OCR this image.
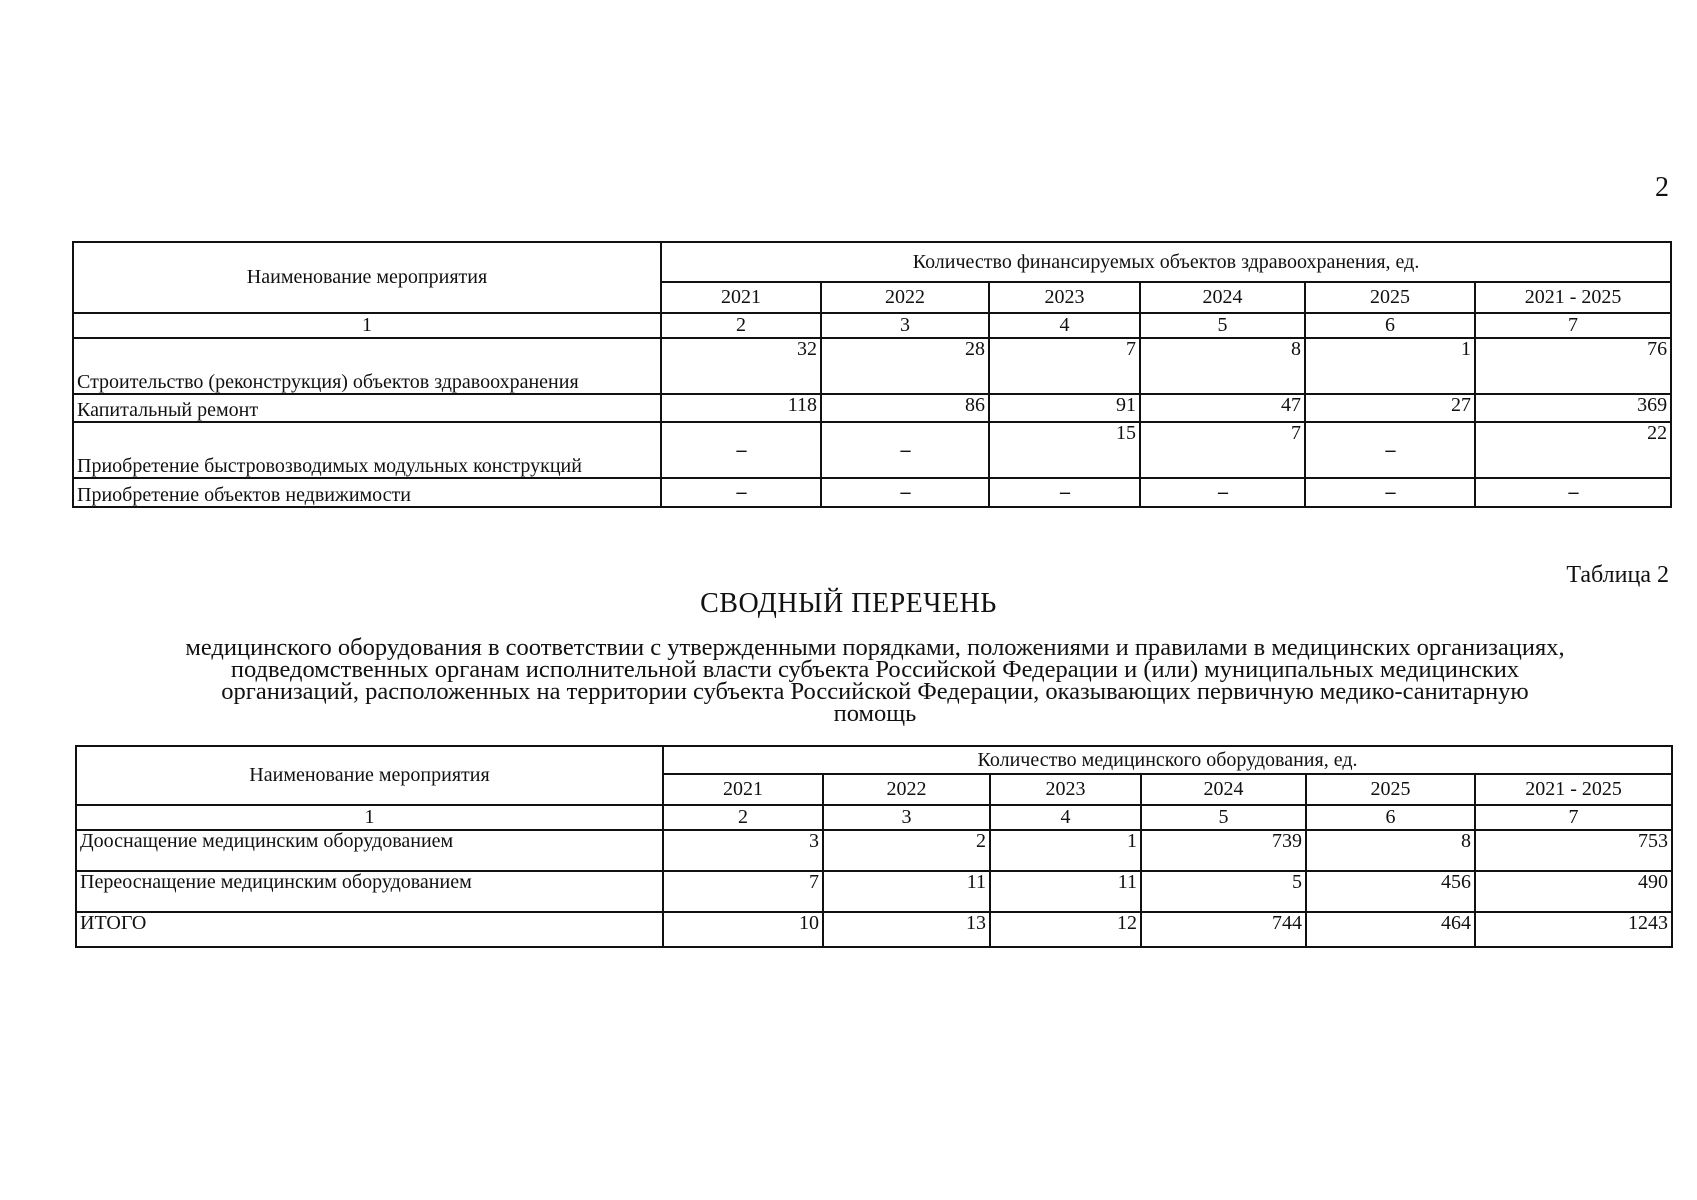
2
Наименование мероприятия	Количество финансируемых объектов здравоохранения, ед.					
	2021	2022	2023	2024	2025	2021 - 2025
1	2	3	4	5	6	7
Строительство (реконструкция) объектов здравоохранения	32	28	7	8	1	76
Капитальный ремонт	118	86	91	47	27	369
Приобретение быстровозводимых модульных конструкций	–	–	15	7	–	22
Приобретение объектов недвижимости	–	–	–	–	–	–
Таблица 2
СВОДНЫЙ ПЕРЕЧЕНЬ
медицинского оборудования в соответствии с утвержденными порядками, положениями и правилами в медицинских организациях,
подведомственных органам исполнительной власти субъекта Российской Федерации и (или) муниципальных медицинских
организаций, расположенных на территории субъекта Российской Федерации, оказывающих первичную медико-санитарную
помощь
Наименование мероприятия	Количество медицинского оборудования, ед.					
	2021	2022	2023	2024	2025	2021 - 2025
1	2	3	4	5	6	7
Дооснащение медицинским оборудованием	3	2	1	739	8	753
Переоснащение медицинским оборудованием	7	11	11	5	456	490
ИТОГО	10	13	12	744	464	1243
